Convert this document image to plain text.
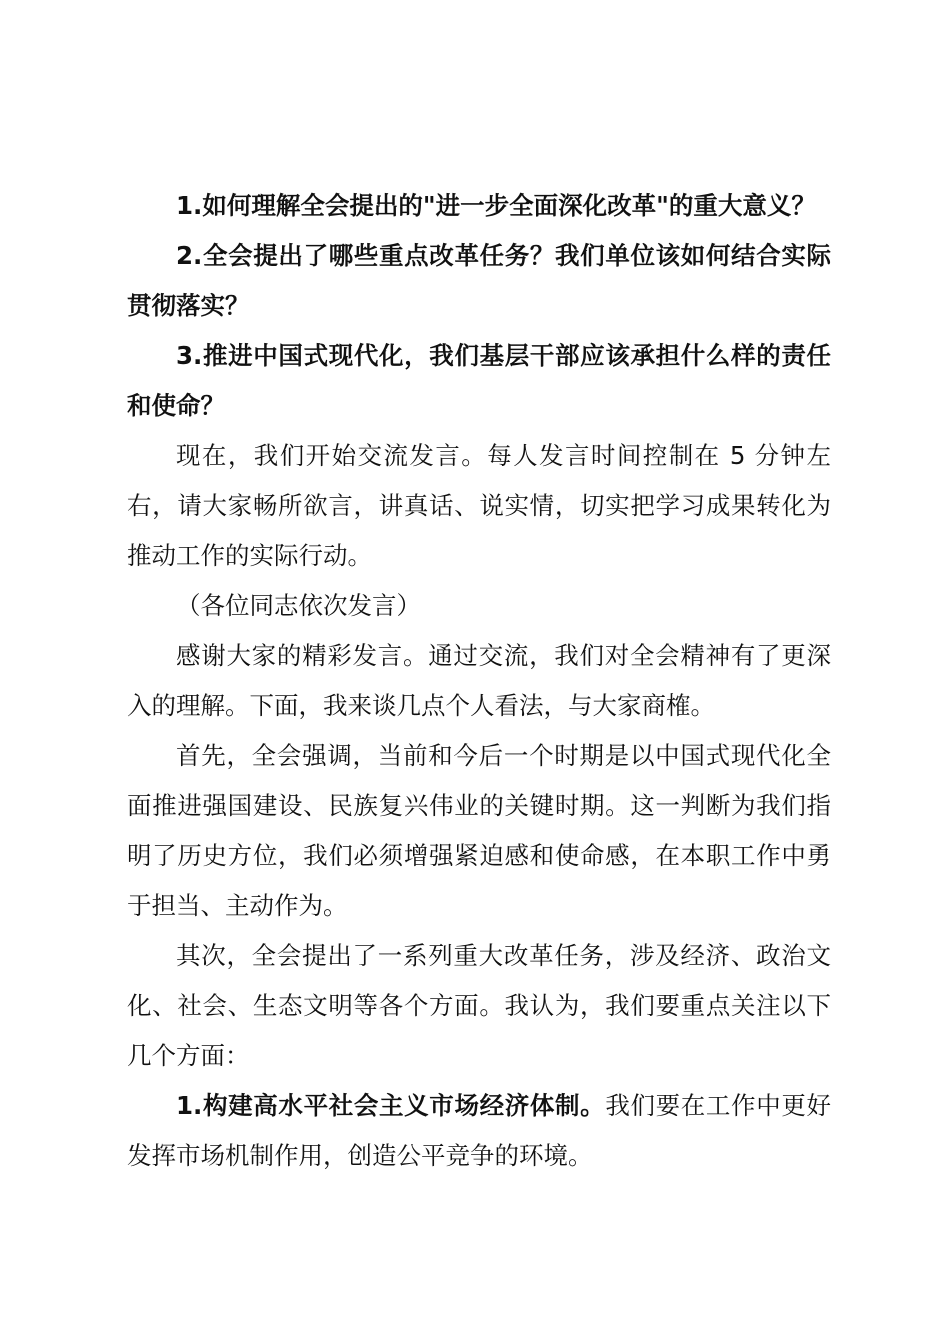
1.如何理解全会提出的"进一步全面深化改革"的重大意义？

2.全会提出了哪些重点改革任务？我们单位该如何结合实际贯彻落实？

3.推进中国式现代化，我们基层干部应该承担什么样的责任和使命？

现在，我们开始交流发言。每人发言时间控制在 5 分钟左右，请大家畅所欲言，讲真话、说实情，切实把学习成果转化为推动工作的实际行动。

（各位同志依次发言）

感谢大家的精彩发言。通过交流，我们对全会精神有了更深入的理解。下面，我来谈几点个人看法，与大家商榷。

首先，全会强调，当前和今后一个时期是以中国式现代化全面推进强国建设、民族复兴伟业的关键时期。这一判断为我们指明了历史方位，我们必须增强紧迫感和使命感，在本职工作中勇于担当、主动作为。

其次，全会提出了一系列重大改革任务，涉及经济、政治文化、社会、生态文明等各个方面。我认为，我们要重点关注以下几个方面：

1.构建高水平社会主义市场经济体制。我们要在工作中更好发挥市场机制作用，创造公平竞争的环境。
